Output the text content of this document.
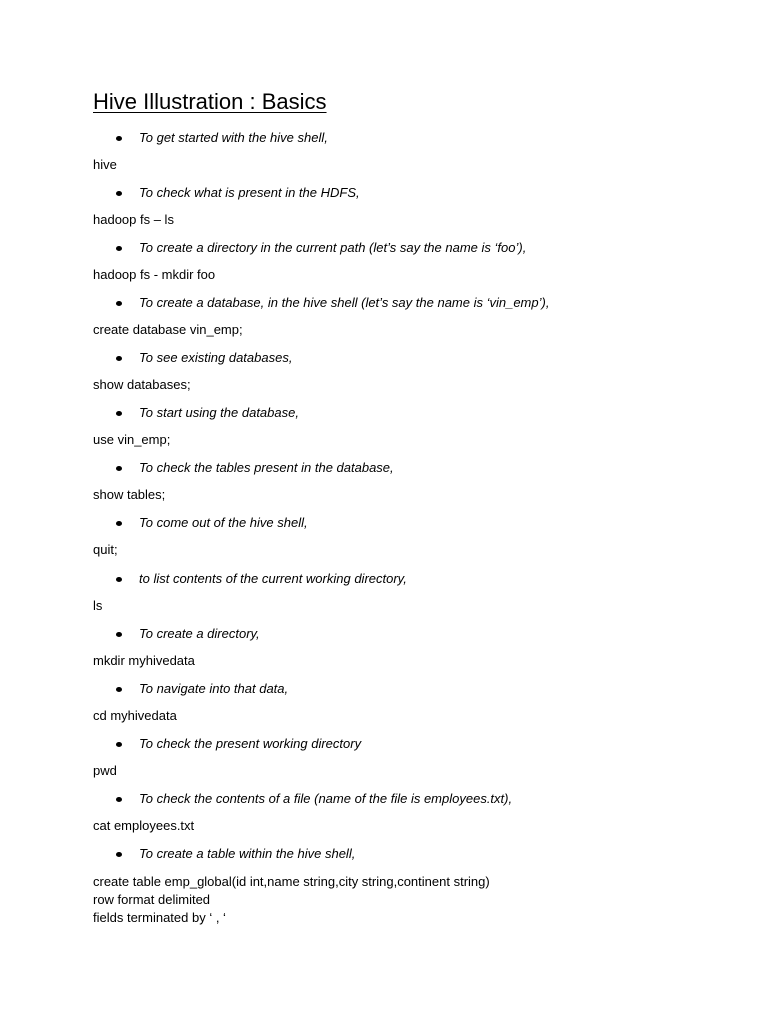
Hive Illustration : Basics
To get started with the hive shell,
hive
To check what is present in the HDFS,
hadoop fs – ls
To create a directory in the current path (let’s say the name is ‘foo’),
hadoop fs - mkdir foo
To create a database, in the hive shell (let’s say the name is ‘vin_emp’),
create database vin_emp;
To see existing databases,
show databases;
To start using the database,
use vin_emp;
To check the tables present in the database,
show tables;
To come out of the hive shell,
quit;
to list contents of the current working directory,
ls
To create a directory,
mkdir myhivedata
To navigate into that data,
cd myhivedata
To check the present working directory
pwd
To check the contents of a file (name of the file is employees.txt),
cat employees.txt
To create a table within the hive shell,
create table emp_global(id int,name string,city string,continent string)
row format delimited
fields terminated by ‘ , ‘
